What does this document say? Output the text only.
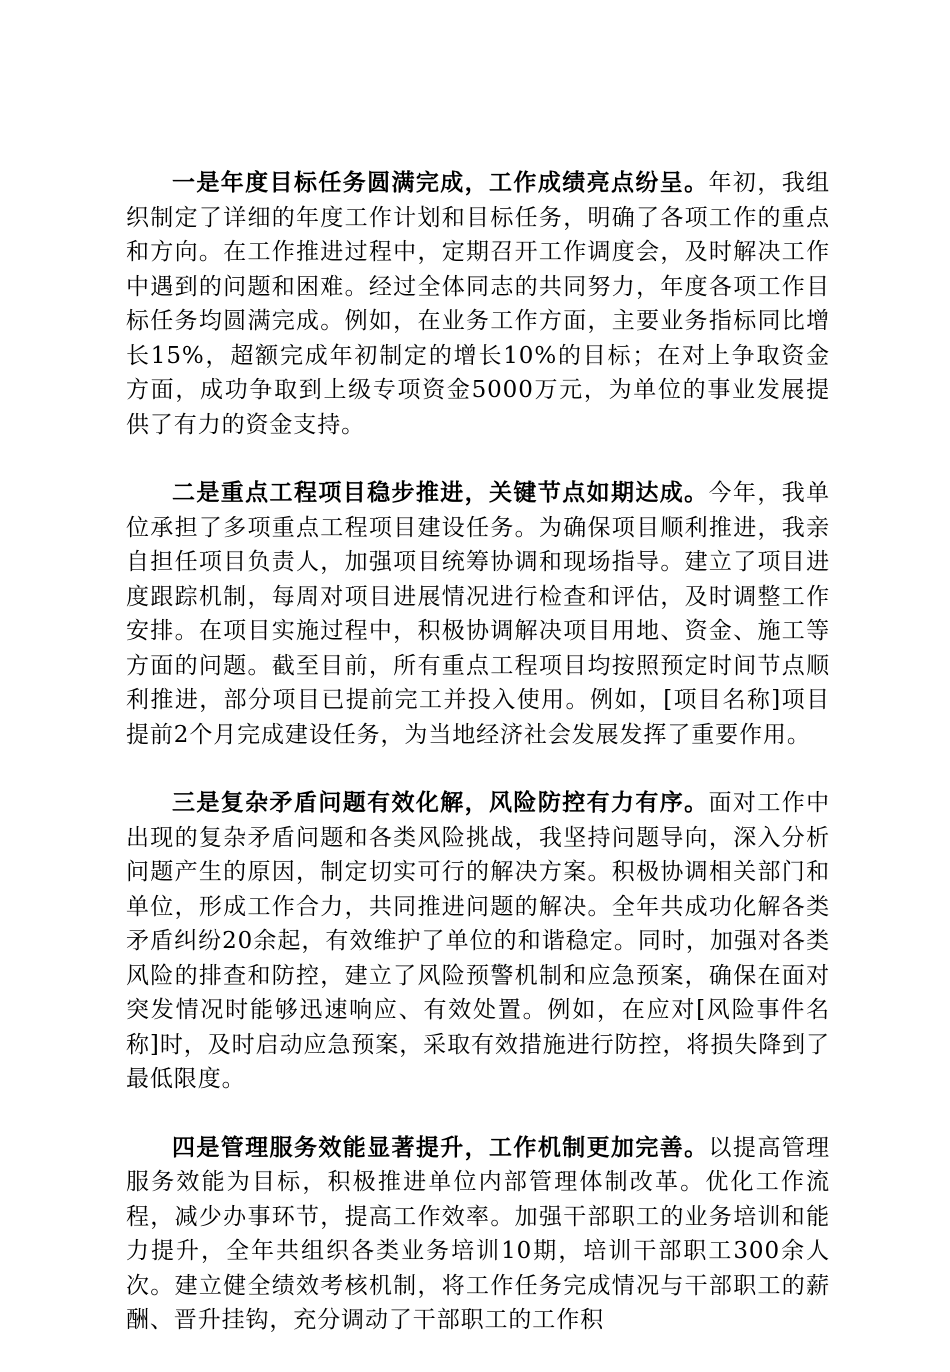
一是年度目标任务圆满完成，工作成绩亮点纷呈。年初，我组织制定了详细的年度工作计划和目标任务，明确了各项工作的重点和方向。在工作推进过程中，定期召开工作调度会，及时解决工作中遇到的问题和困难。经过全体同志的共同努力，年度各项工作目标任务均圆满完成。例如，在业务工作方面，主要业务指标同比增长15%，超额完成年初制定的增长10%的目标；在对上争取资金方面，成功争取到上级专项资金5000万元，为单位的事业发展提供了有力的资金支持。

二是重点工程项目稳步推进，关键节点如期达成。今年，我单位承担了多项重点工程项目建设任务。为确保项目顺利推进，我亲自担任项目负责人，加强项目统筹协调和现场指导。建立了项目进度跟踪机制，每周对项目进展情况进行检查和评估，及时调整工作安排。在项目实施过程中，积极协调解决项目用地、资金、施工等方面的问题。截至目前，所有重点工程项目均按照预定时间节点顺利推进，部分项目已提前完工并投入使用。例如，[项目名称]项目提前2个月完成建设任务，为当地经济社会发展发挥了重要作用。

三是复杂矛盾问题有效化解，风险防控有力有序。面对工作中出现的复杂矛盾问题和各类风险挑战，我坚持问题导向，深入分析问题产生的原因，制定切实可行的解决方案。积极协调相关部门和单位，形成工作合力，共同推进问题的解决。全年共成功化解各类矛盾纠纷20余起，有效维护了单位的和谐稳定。同时，加强对各类风险的排查和防控，建立了风险预警机制和应急预案，确保在面对突发情况时能够迅速响应、有效处置。例如，在应对[风险事件名称]时，及时启动应急预案，采取有效措施进行防控，将损失降到了最低限度。

四是管理服务效能显著提升，工作机制更加完善。以提高管理服务效能为目标，积极推进单位内部管理体制改革。优化工作流程，减少办事环节，提高工作效率。加强干部职工的业务培训和能力提升，全年共组织各类业务培训10期，培训干部职工300余人次。建立健全绩效考核机制，将工作任务完成情况与干部职工的薪酬、晋升挂钩，充分调动了干部职工的工作积
